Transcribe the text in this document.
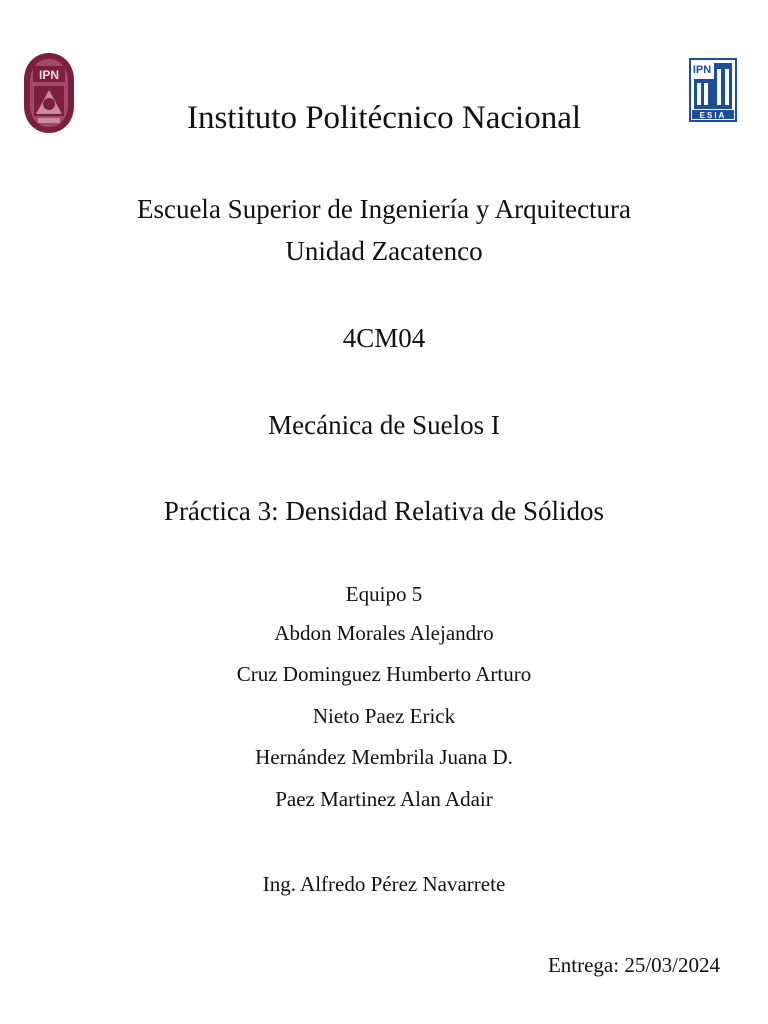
IPN	IPN
ESIA
Instituto Politécnico Nacional
Escuela Superior de Ingeniería y Arquitectura
Unidad Zacatenco
4CM04
Mecánica de Suelos I
Práctica 3: Densidad Relativa de Sólidos
Equipo 5
Abdon Morales Alejandro
Cruz Dominguez Humberto Arturo
Nieto Paez Erick
Hernández Membrila Juana D.
Paez Martinez Alan Adair
Ing. Alfredo Pérez Navarrete
Entrega: 25/03/2024
